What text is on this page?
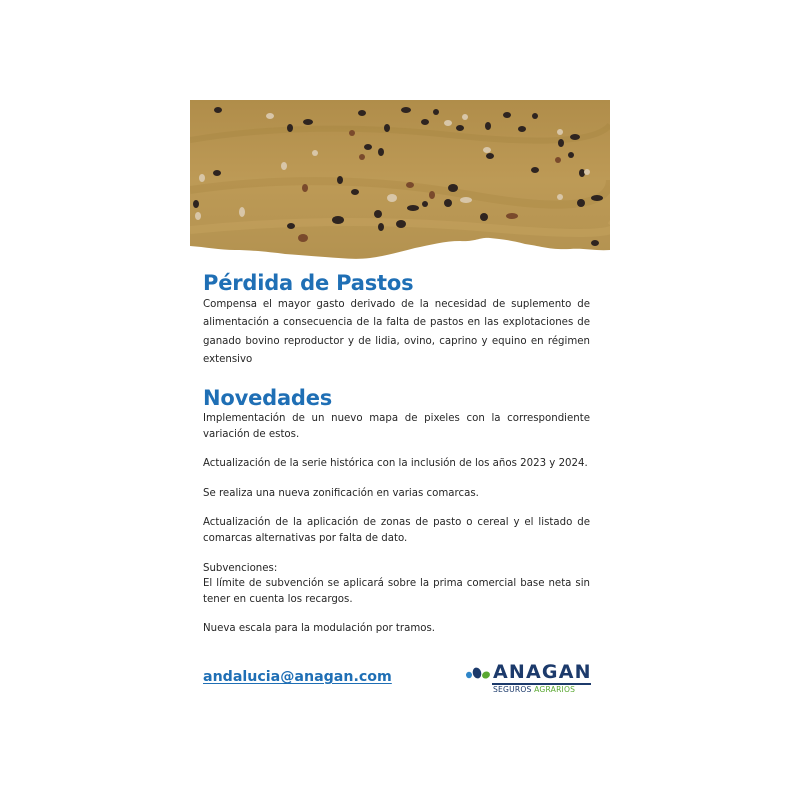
Pérdida de Pastos

Compensa el mayor gasto derivado de la necesidad de suplemento de alimentación a consecuencia de la falta de pastos en las explotaciones de ganado bovino reproductor y de lidia, ovino, caprino y equino en régimen extensivo

Novedades

Implementación de un nuevo mapa de pixeles con la correspondiente variación de estos.

Actualización de la serie histórica con la inclusión de los años 2023 y 2024.

Se realiza una nueva zonificación en varias comarcas.

Actualización de la aplicación de zonas de pasto o cereal y el listado de comarcas alternativas por falta de dato.

Subvenciones:
El límite de subvención se aplicará sobre la prima comercial base neta sin tener en cuenta los recargos.

Nueva escala para la modulación por tramos.

andalucia@anagan.com	ANAGAN
SEGUROS AGRARIOS
